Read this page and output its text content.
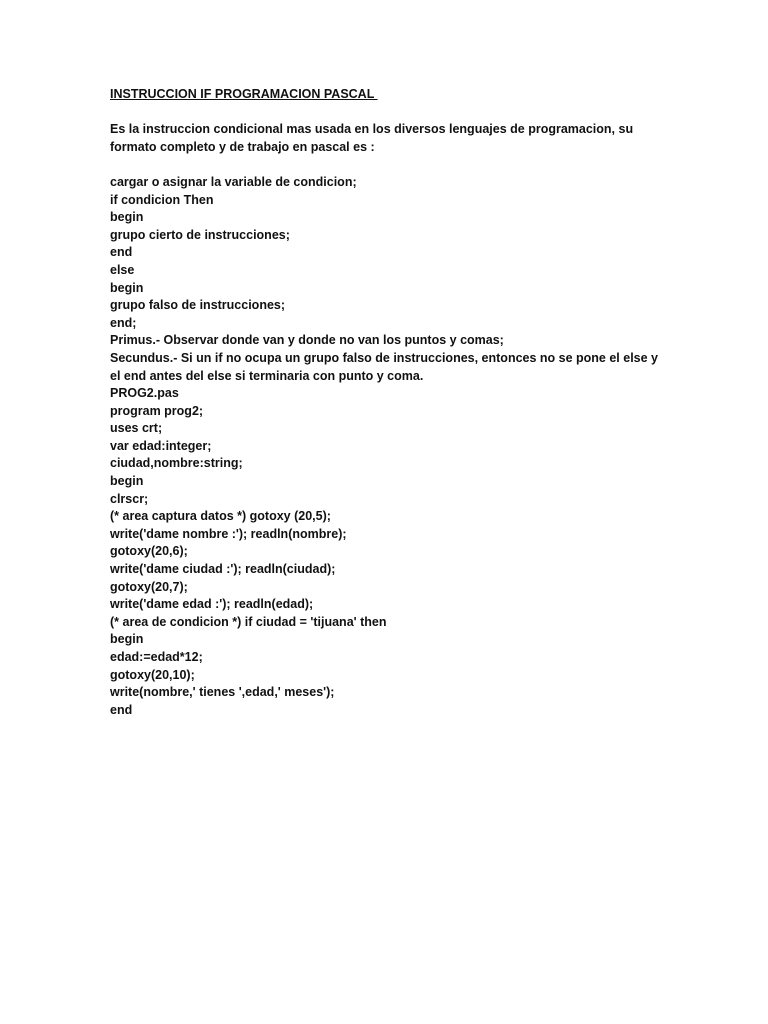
INSTRUCCION IF PROGRAMACION PASCAL

Es la instruccion condicional mas usada en los diversos lenguajes de programacion, su formato completo y de trabajo en pascal es :

cargar o asignar la variable de condicion;

if condicion Then

begin

grupo cierto de instrucciones;

end

else

begin

grupo falso de instrucciones;

end;

Primus.- Observar donde van y donde no van los puntos y comas;

Secundus.- Si un if no ocupa un grupo falso de instrucciones, entonces no se pone el else y el end antes del else si terminaria con punto y coma.

PROG2.pas

program prog2;

uses crt;

var edad:integer;

ciudad,nombre:string;

begin

clrscr;

(* area captura datos *) gotoxy (20,5);

write('dame nombre :'); readln(nombre);

gotoxy(20,6);

write('dame ciudad :'); readln(ciudad);

gotoxy(20,7);

write('dame edad :'); readln(edad);

(* area de condicion *) if ciudad = 'tijuana' then

begin

edad:=edad*12;

gotoxy(20,10);

write(nombre,' tienes ',edad,' meses');

end
